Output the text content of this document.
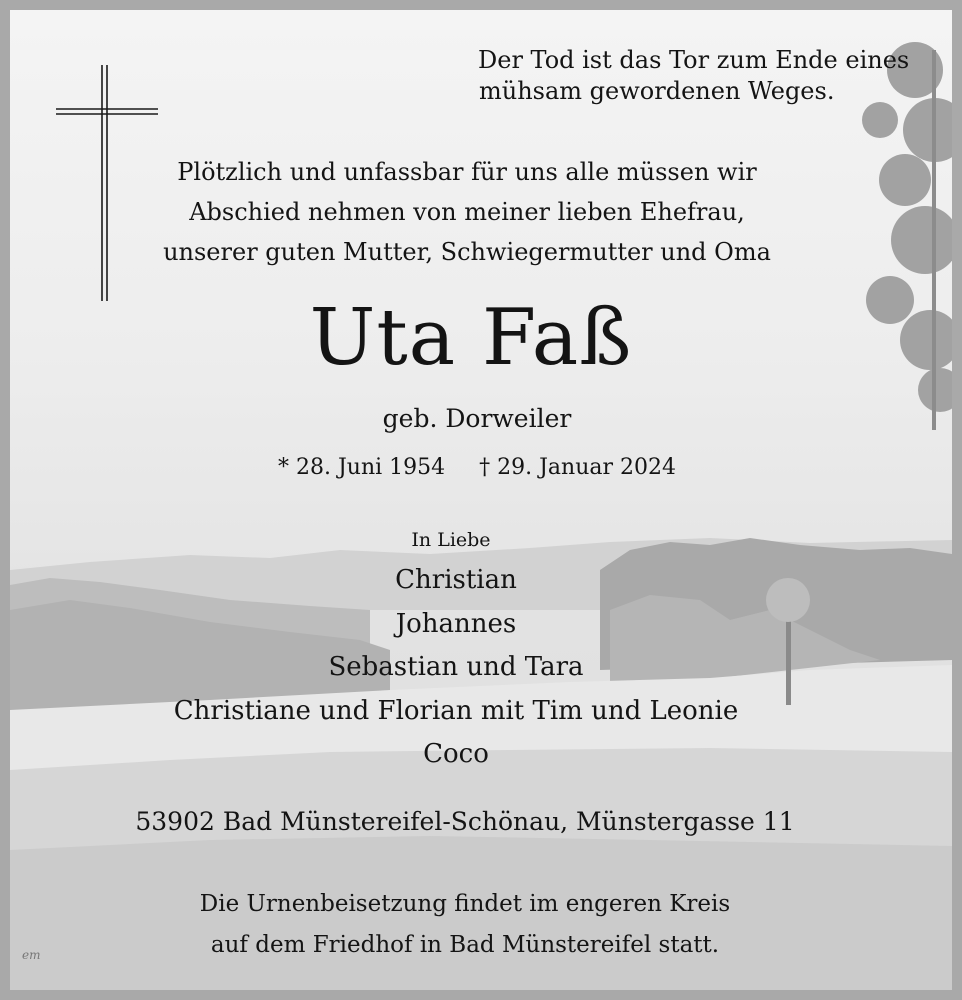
Der Tod ist das Tor zum Ende eines
mühsam gewordenen Weges.
Plötzlich und unfassbar für uns alle müssen wir
Abschied nehmen von meiner lieben Ehefrau,
unserer guten Mutter, Schwiegermutter und Oma
Uta Faß
geb. Dorweiler
* 28. Juni 1954 † 29. Januar 2024
In Liebe
Christian
Johannes
Sebastian und Tara
Christiane und Florian mit Tim und Leonie
Coco
53902 Bad Münstereifel-Schönau, Münstergasse 11
Die Urnenbeisetzung findet im engeren Kreis
auf dem Friedhof in Bad Münstereifel statt.
em
